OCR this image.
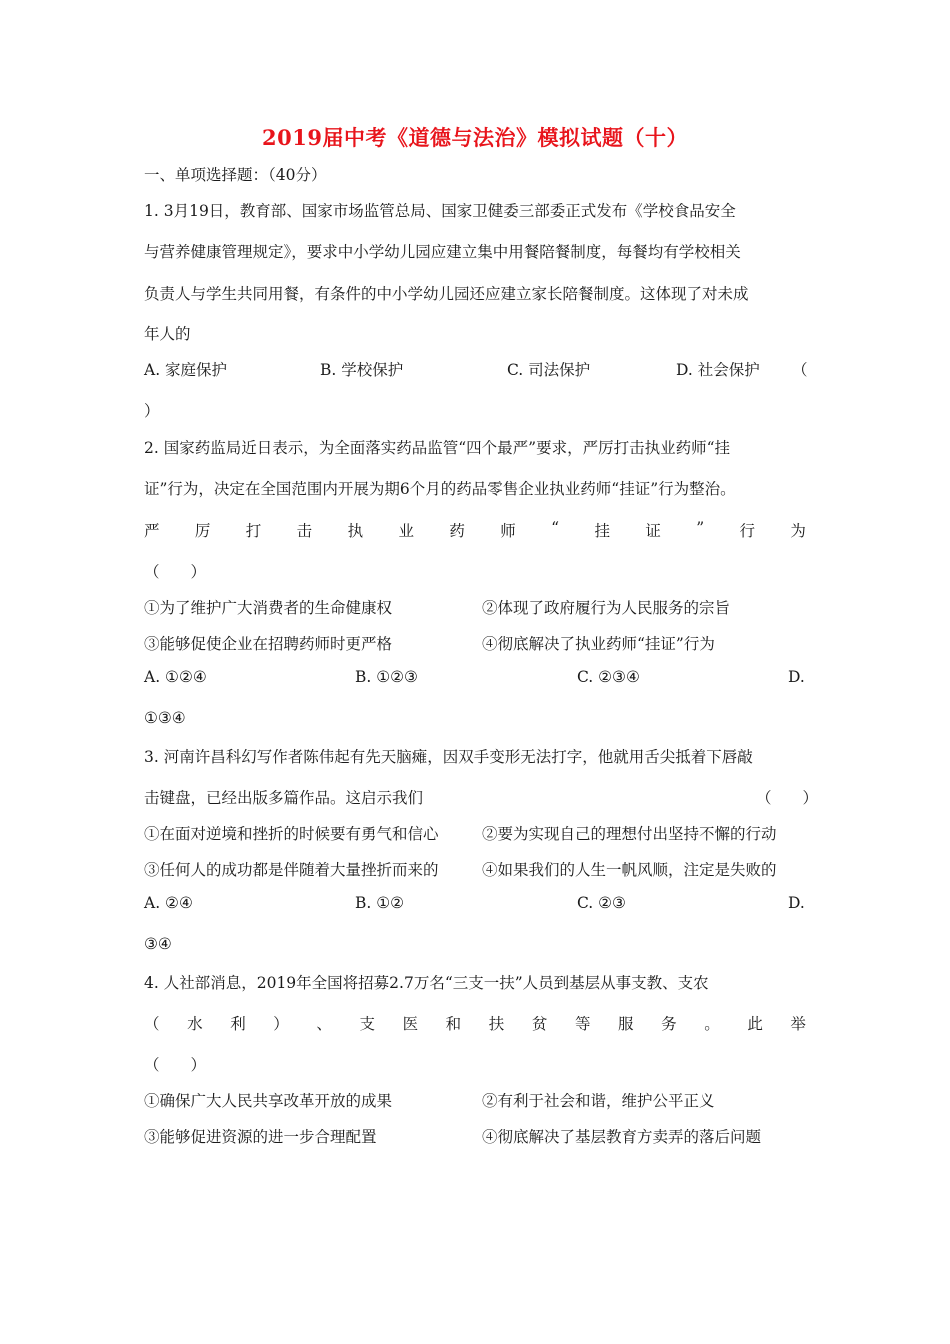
2019届中考《道德与法治》模拟试题（十）
一、单项选择题：（40分）
1. 3月19日，教育部、国家市场监管总局、国家卫健委三部委正式发布《学校食品安全
与营养健康管理规定》，要求中小学幼儿园应建立集中用餐陪餐制度，每餐均有学校相关
负责人与学生共同用餐，有条件的中小学幼儿园还应建立家长陪餐制度。这体现了对未成
年人的
A. 家庭保护	B. 学校保护	C. 司法保护	D. 社会保护 （
）
2. 国家药监局近日表示，为全面落实药品监管“四个最严”要求，严厉打击执业药师“挂
证”行为，决定在全国范围内开展为期6个月的药品零售企业执业药师“挂证”行为整治。
严 厉 打 击 执 业 药 师 “ 挂 证 ” 行 为
（　　）
①为了维护广大消费者的生命健康权	②体现了政府履行为人民服务的宗旨
③能够促使企业在招聘药师时更严格	④彻底解决了执业药师“挂证”行为
A. ①②④	B. ①②③	C. ②③④	D.
①③④
3. 河南许昌科幻写作者陈伟起有先天脑瘫，因双手变形无法打字，他就用舌尖抵着下唇敲
击键盘，已经出版多篇作品。这启示我们	（　　）
①在面对逆境和挫折的时候要有勇气和信心	②要为实现自己的理想付出坚持不懈的行动
③任何人的成功都是伴随着大量挫折而来的	④如果我们的人生一帆风顺，注定是失败的
A. ②④	B. ①②	C. ②③	D.
③④
4. 人社部消息，2019年全国将招募2.7万名“三支一扶”人员到基层从事支教、支农
（ 水 利 ） 、 支 医 和 扶 贫 等 服 务 。 此 举
（　　）
①确保广大人民共享改革开放的成果	②有利于社会和谐，维护公平正义
③能够促进资源的进一步合理配置	④彻底解决了基层教育方卖弄的落后问题
